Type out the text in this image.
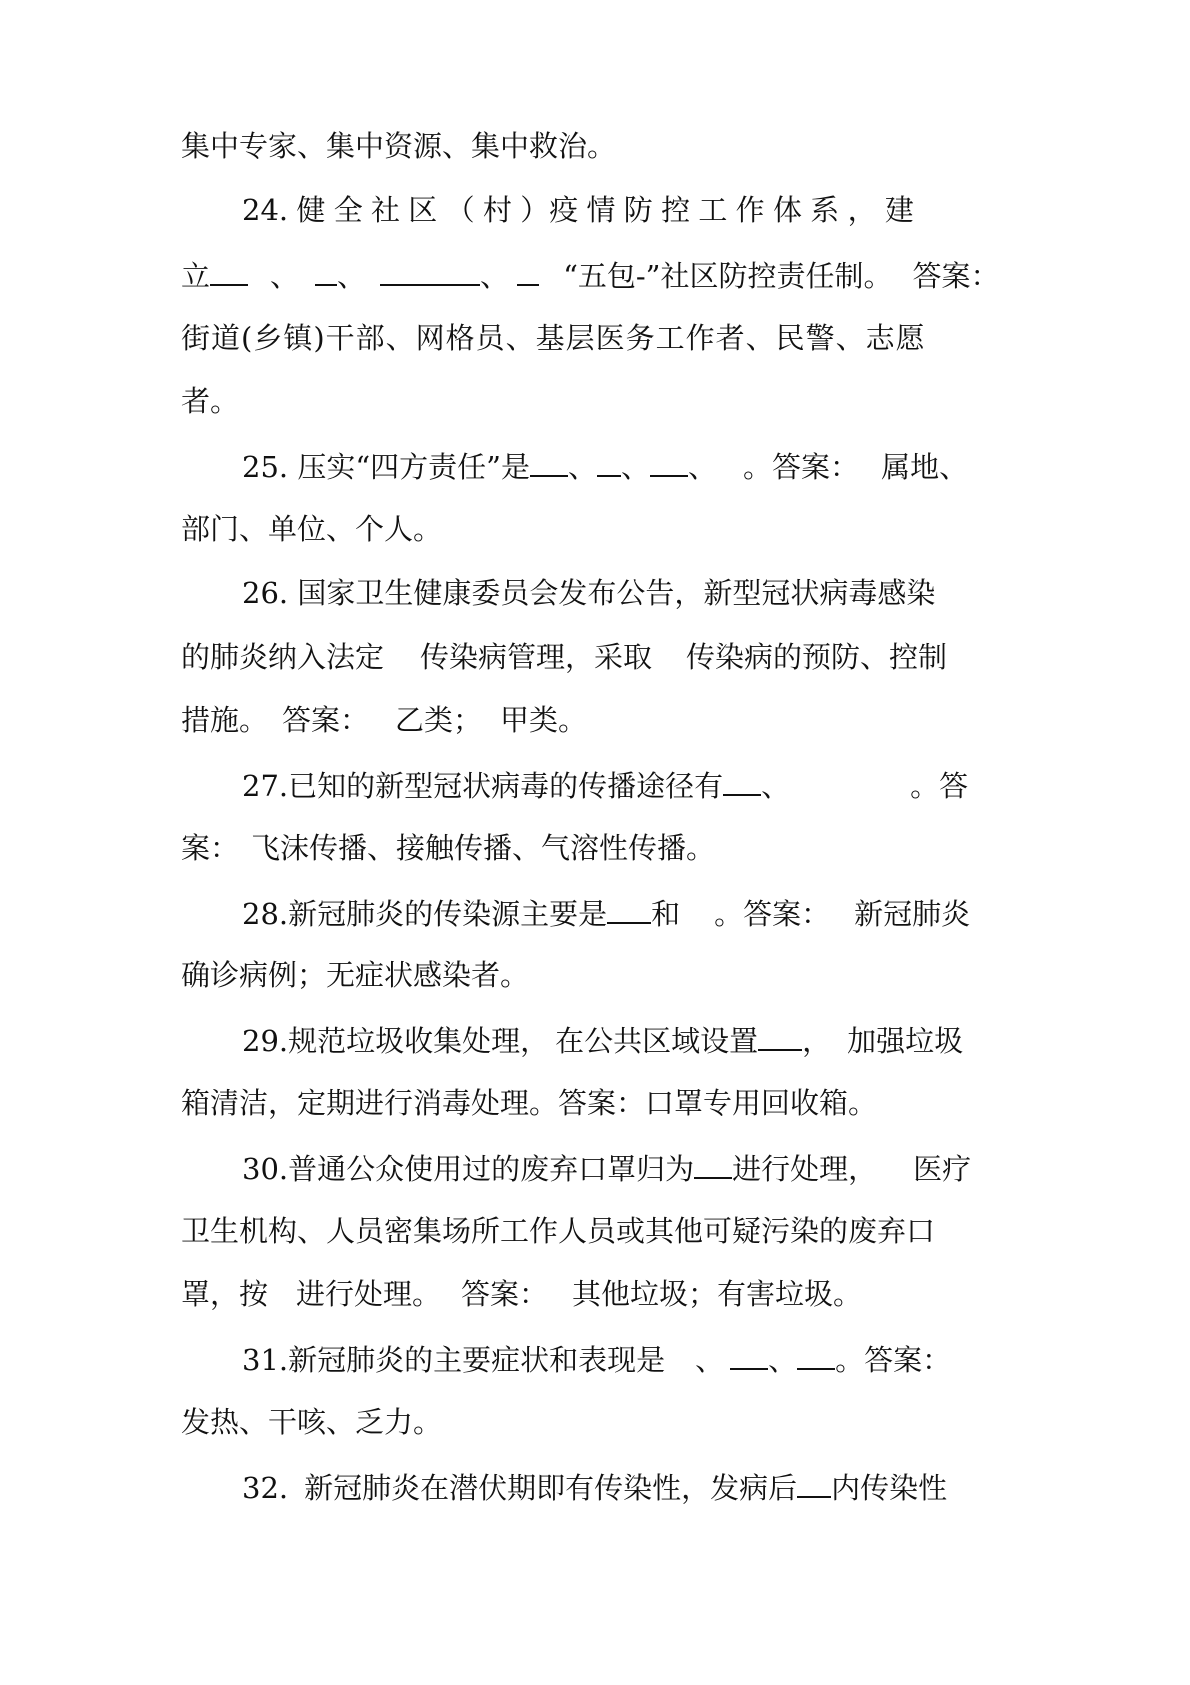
集中专家、集中资源、集中救治。
24. 健 全 社 区 （ 村 ）疫 情 防 控 工 作 体 系 ， 建
立 、 、	、 “五包-”社区防控责任制。 答案：
街道(乡镇)干部、网格员、基层医务工作者、民警、志愿
者。
25. 压实“四方责任”是 、 、 、 。答案： 属地、
部门、单位、个人。
26. 国家卫生健康委员会发布公告，新型冠状病毒感染
的肺炎纳入法定 传染病管理，采取 传染病的预防、控制
措施。 答案： 乙类； 甲类。
27.已知的新型冠状病毒的传播途径有 、	。答
案： 飞沫传播、接触传播、气溶性传播。
28.新冠肺炎的传染源主要是 和 。答案： 新冠肺炎
确诊病例；无症状感染者。
29.规范垃圾收集处理， 在公共区域设置 ， 加强垃圾
箱清洁，定期进行消毒处理。答案：口罩专用回收箱。
30.普通公众使用过的废弃口罩归为 进行处理， 医疗
卫生机构、人员密集场所工作人员或其他可疑污染的废弃口
罩，按 进行处理。 答案： 其他垃圾；有害垃圾。
31.新冠肺炎的主要症状和表现是 、 、 。答案：
发热、干咳、乏力。
32. 新冠肺炎在潜伏期即有传染性，发病后 内传染性
